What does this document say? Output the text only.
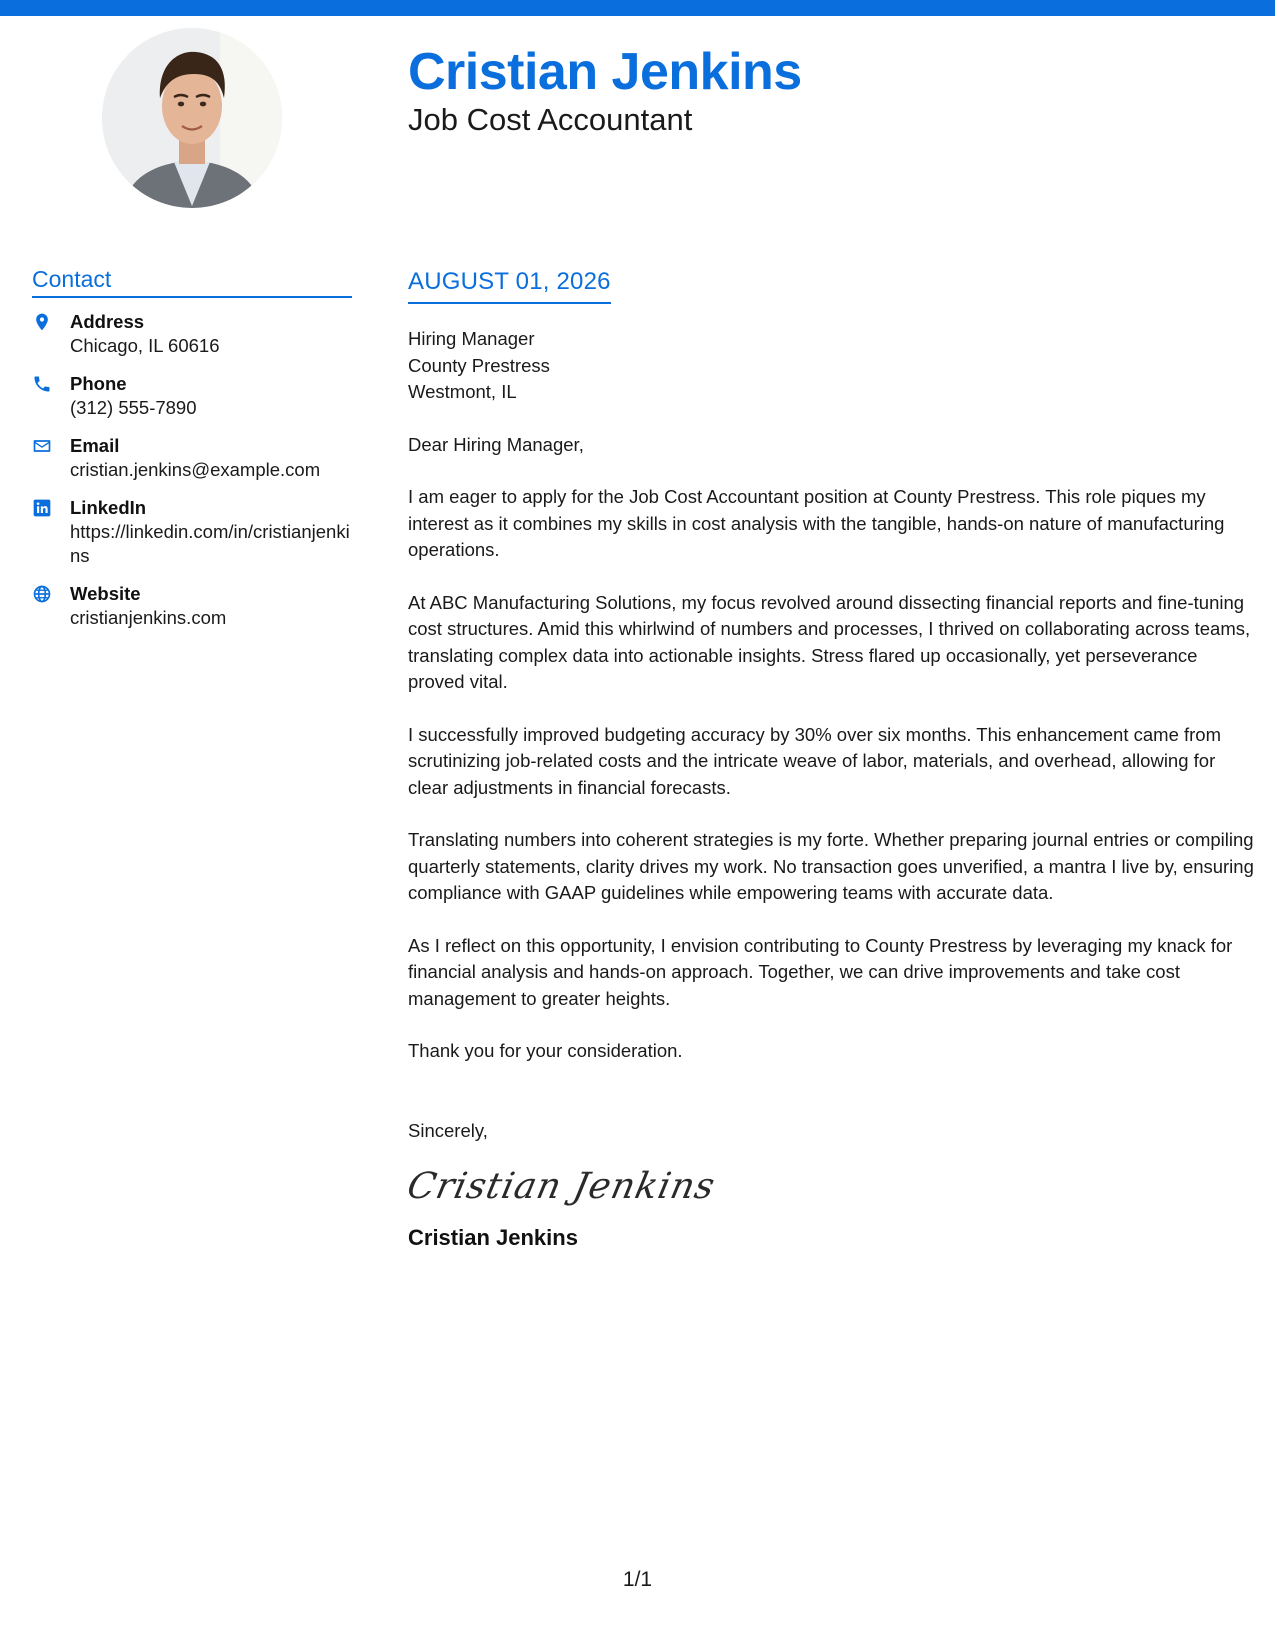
Cristian Jenkins
Job Cost Accountant
Contact
Address
Chicago, IL 60616
Phone
(312) 555-7890
Email
cristian.jenkins@example.com
LinkedIn
https://linkedin.com/in/cristianjenkins
Website
cristianjenkins.com
AUGUST 01, 2026
Hiring Manager
County Prestress
Westmont, IL
Dear Hiring Manager,
I am eager to apply for the Job Cost Accountant position at County Prestress. This role piques my interest as it combines my skills in cost analysis with the tangible, hands-on nature of manufacturing operations.
At ABC Manufacturing Solutions, my focus revolved around dissecting financial reports and fine-tuning cost structures. Amid this whirlwind of numbers and processes, I thrived on collaborating across teams, translating complex data into actionable insights. Stress flared up occasionally, yet perseverance proved vital.
I successfully improved budgeting accuracy by 30% over six months. This enhancement came from scrutinizing job-related costs and the intricate weave of labor, materials, and overhead, allowing for clear adjustments in financial forecasts.
Translating numbers into coherent strategies is my forte. Whether preparing journal entries or compiling quarterly statements, clarity drives my work. No transaction goes unverified, a mantra I live by, ensuring compliance with GAAP guidelines while empowering teams with accurate data.
As I reflect on this opportunity, I envision contributing to County Prestress by leveraging my knack for financial analysis and hands-on approach. Together, we can drive improvements and take cost management to greater heights.
Thank you for your consideration.
Sincerely,
Cristian Jenkins
Cristian Jenkins
1/1
